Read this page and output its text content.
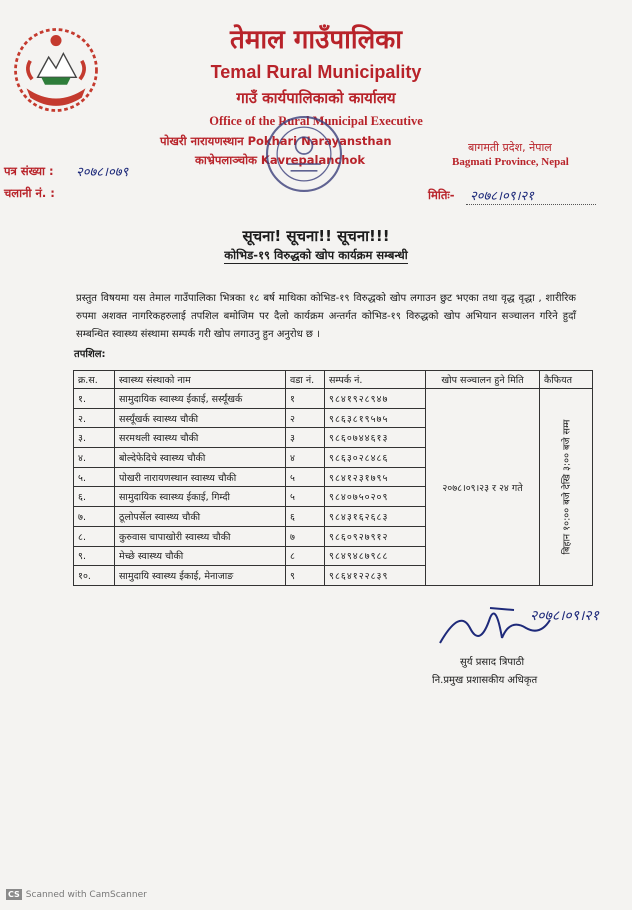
तेमाल गाउँपालिका
Temal Rural Municipality
गाउँ कार्यपालिकाको कार्यालय
Office of the Rural Municipal Executive
पोखरी नारायणस्थान Pokhari Narayansthan
काभ्रेपलाञ्चोक Kavrepalanchok
बागमती प्रदेश, नेपाल
Bagmati Province, Nepal
पत्र संख्या : २०७८।०७९
चलानी नं. :	मितिः- २०७८।०९।२१
सूचना! सूचना!! सूचना!!!
कोभिड-१९ विरुद्धको खोप कार्यक्रम सम्बन्धी
प्रस्तुत विषयमा यस तेमाल गाउँपालिका भित्रका १८ बर्ष माथिका कोभिड-१९ विरुद्धको खोप लगाउन छुट भएका तथा वृद्ध वृद्धा , शारीरिक रुपमा अशक्त नागरिकहरुलाई तपशिल बमोजिम पर दैलो कार्यक्रम अन्तर्गत कोभिड-१९ विरुद्धको खोप अभियान सञ्चालन गरिने हुदाँ सम्बन्धित स्वास्थ्य संस्थामा सम्पर्क गरी खोप लगाउनु हुन अनुरोध छ ।
तपशिल:
क्र.स.	स्वास्थ्य संस्थाको नाम	वडा नं.	सम्पर्क नं.	खोप सञ्चालन हुने मिति	कैफियत
१.	सामुदायिक स्वास्थ्य ईकाई, सर्स्यूंखर्क	१	९८४१९२८९४७	२०७८।०९।२३ र २४ गते	बिहान १०:०० बजे देखि ३:०० बजे सम्म

२.	सर्स्यूंखर्क स्वास्थ्य चौकी	२	९८६३८१९५७५		
३.	सरमथली स्वास्थ्य चौकी	३	९८६०७४४६१३		
४.	बोल्देफेदिचे स्वास्थ्य चौकी	४	९८६३०२८४८६		
५.	पोखरी नारायणस्थान स्वास्थ्य चौकी	५	९८४१२३१७९५		
६.	सामुदायिक स्वास्थ्य ईकाई, गिम्दी	५	९८४०७५०२०९		
७.	ठूलोपर्सेल स्वास्थ्य चौकी	६	९८४३१६२६८३		
८.	कुरुवास चापाखोरी स्वास्थ्य चौकी	७	९८६०९२७९१२		
९.	मेच्छे स्वास्थ्य चौकी	८	९८४९४८७९८८		
१०.	सामुदायि स्वास्थ्य ईकाई, मेनाजाङ	९	९८६४१२२८३९		
२०७८।०९।२१
सुर्य प्रसाद त्रिपाठी
नि.प्रमुख प्रशासकीय अधिकृत
CS Scanned with CamScanner
